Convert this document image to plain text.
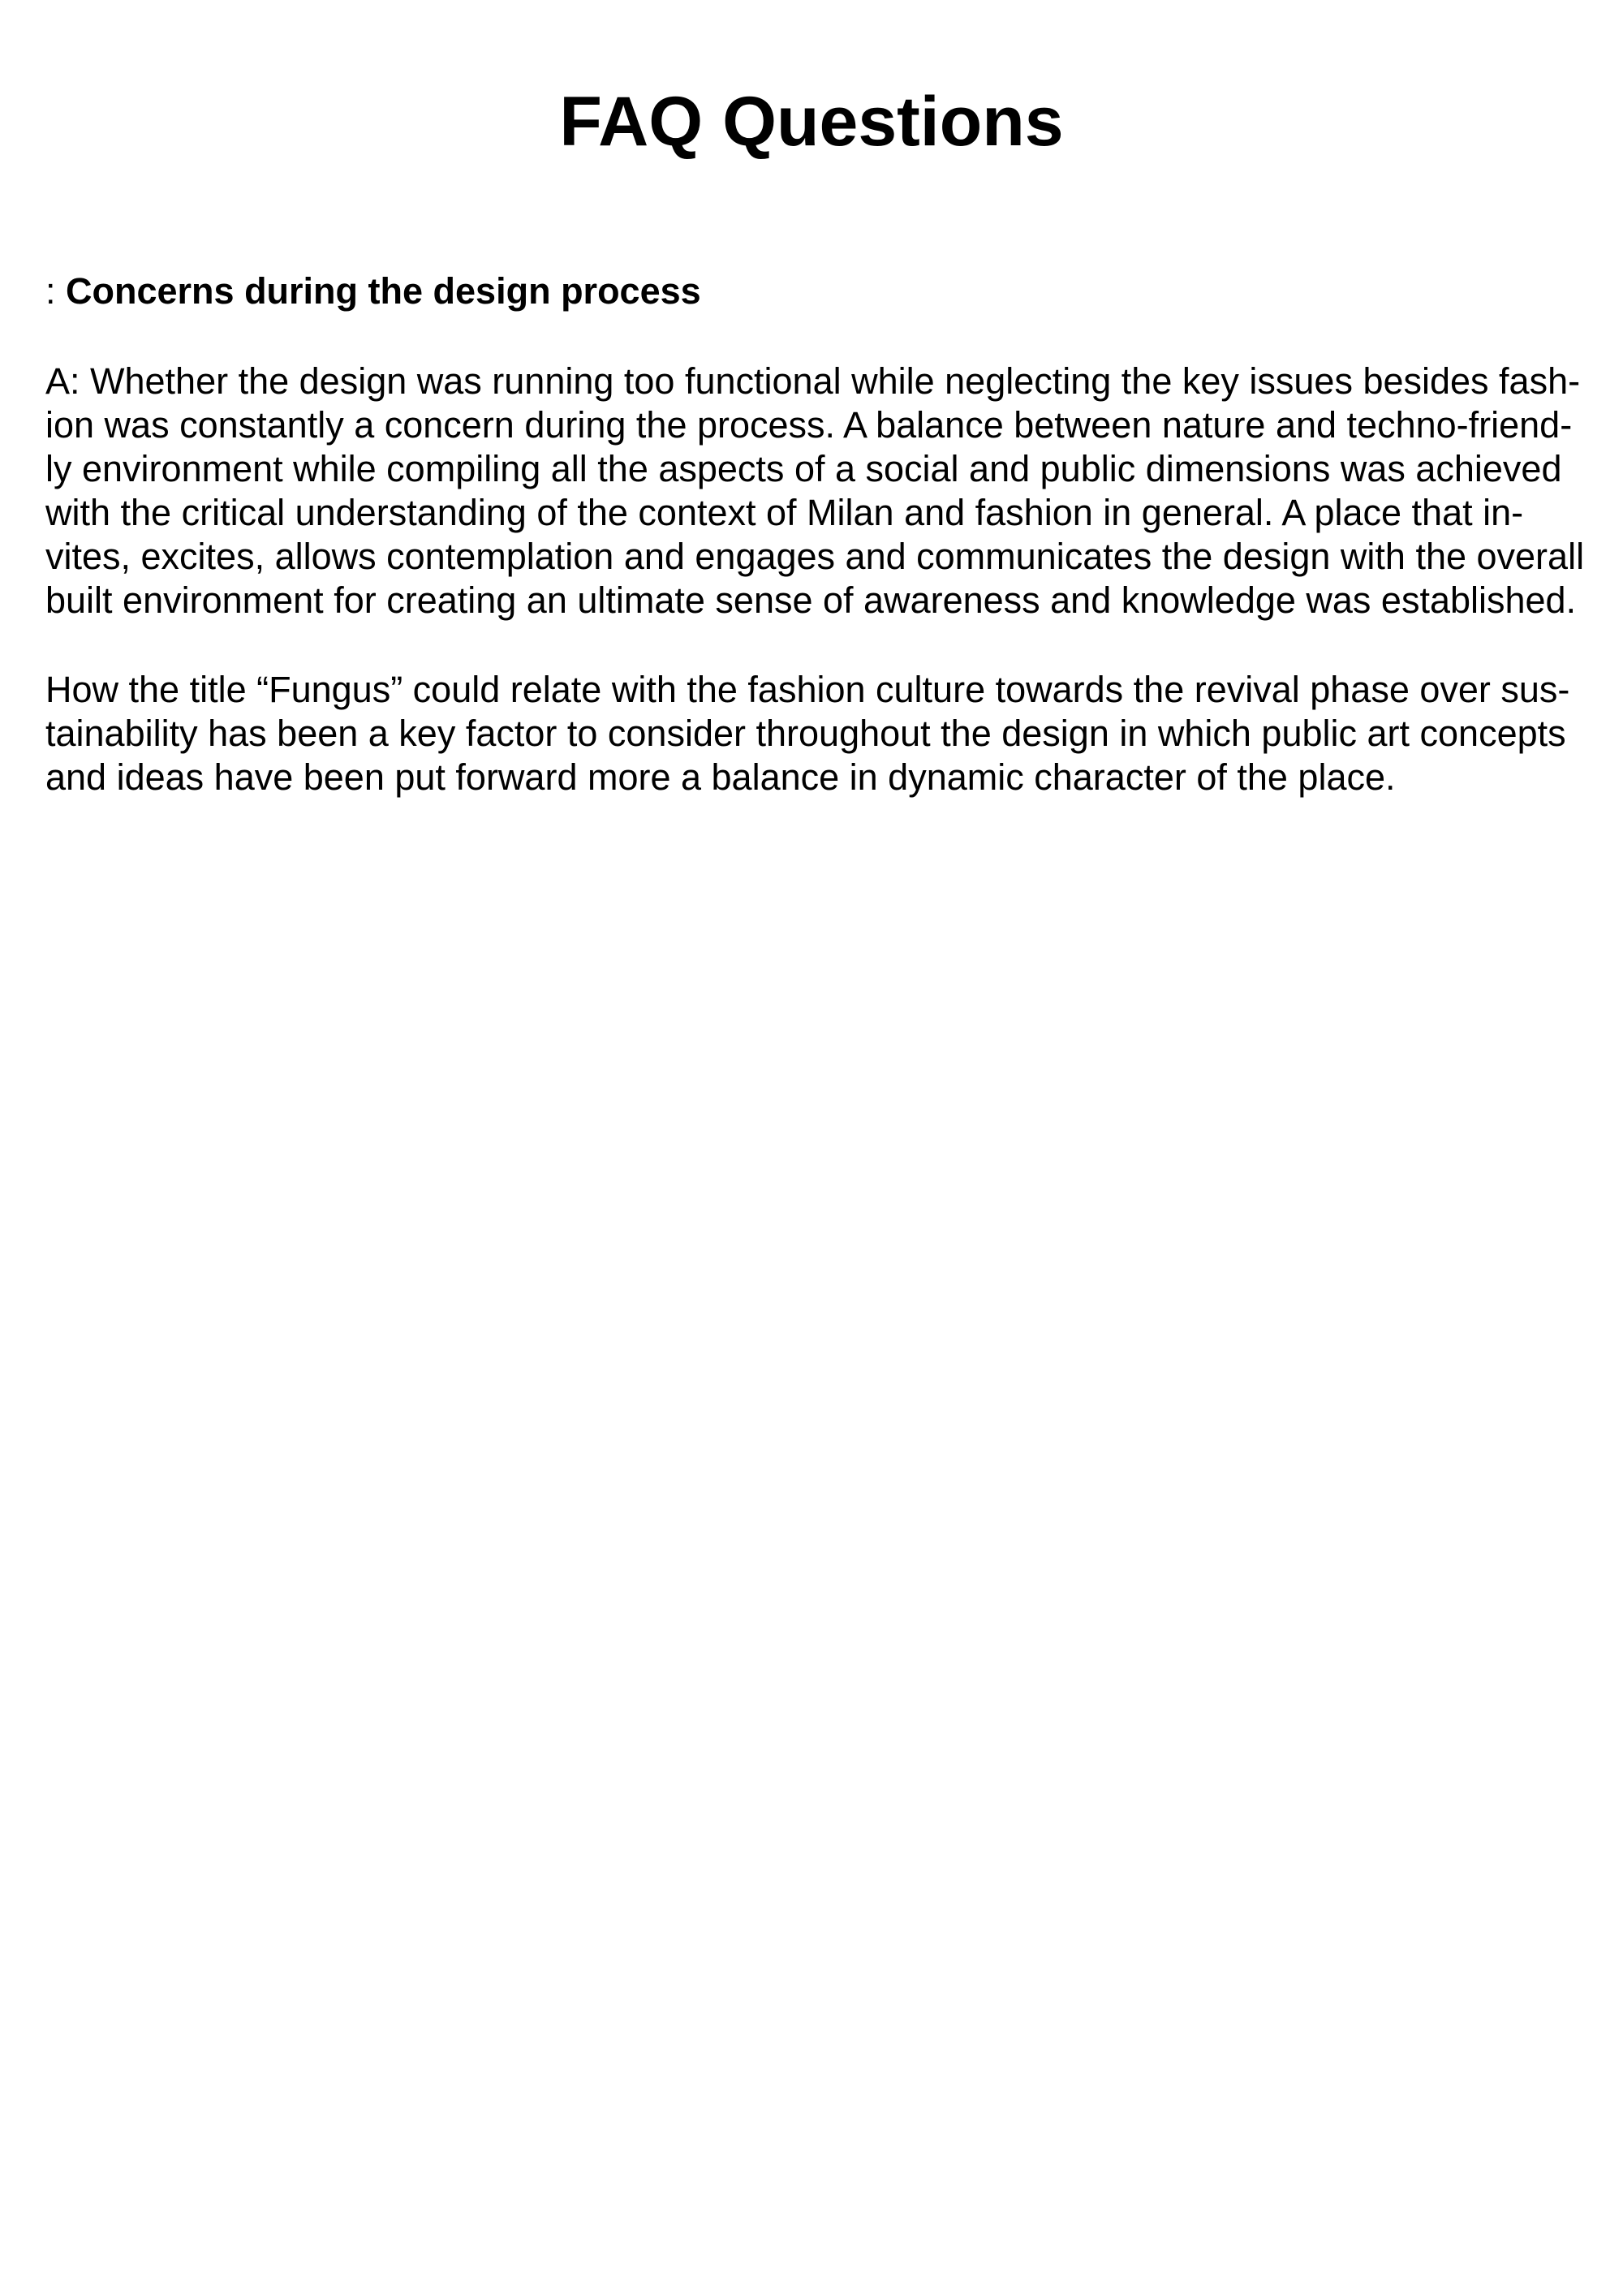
FAQ Questions

: Concerns during the design process

A: Whether the design was running too functional while neglecting the key issues besides fash-
ion was constantly a concern during the process. A balance between nature and techno-friend-
ly environment while compiling all the aspects of a social and public dimensions was achieved
with the critical understanding of the context of Milan and fashion in general. A place that in-
vites, excites, allows contemplation and engages and communicates the design with the overall
built environment for creating an ultimate sense of awareness and knowledge was established.

How the title “Fungus” could relate with the fashion culture towards the revival phase over sus-
tainability has been a key factor to consider throughout the design in which public art concepts
and ideas have been put forward more a balance in dynamic character of the place.
